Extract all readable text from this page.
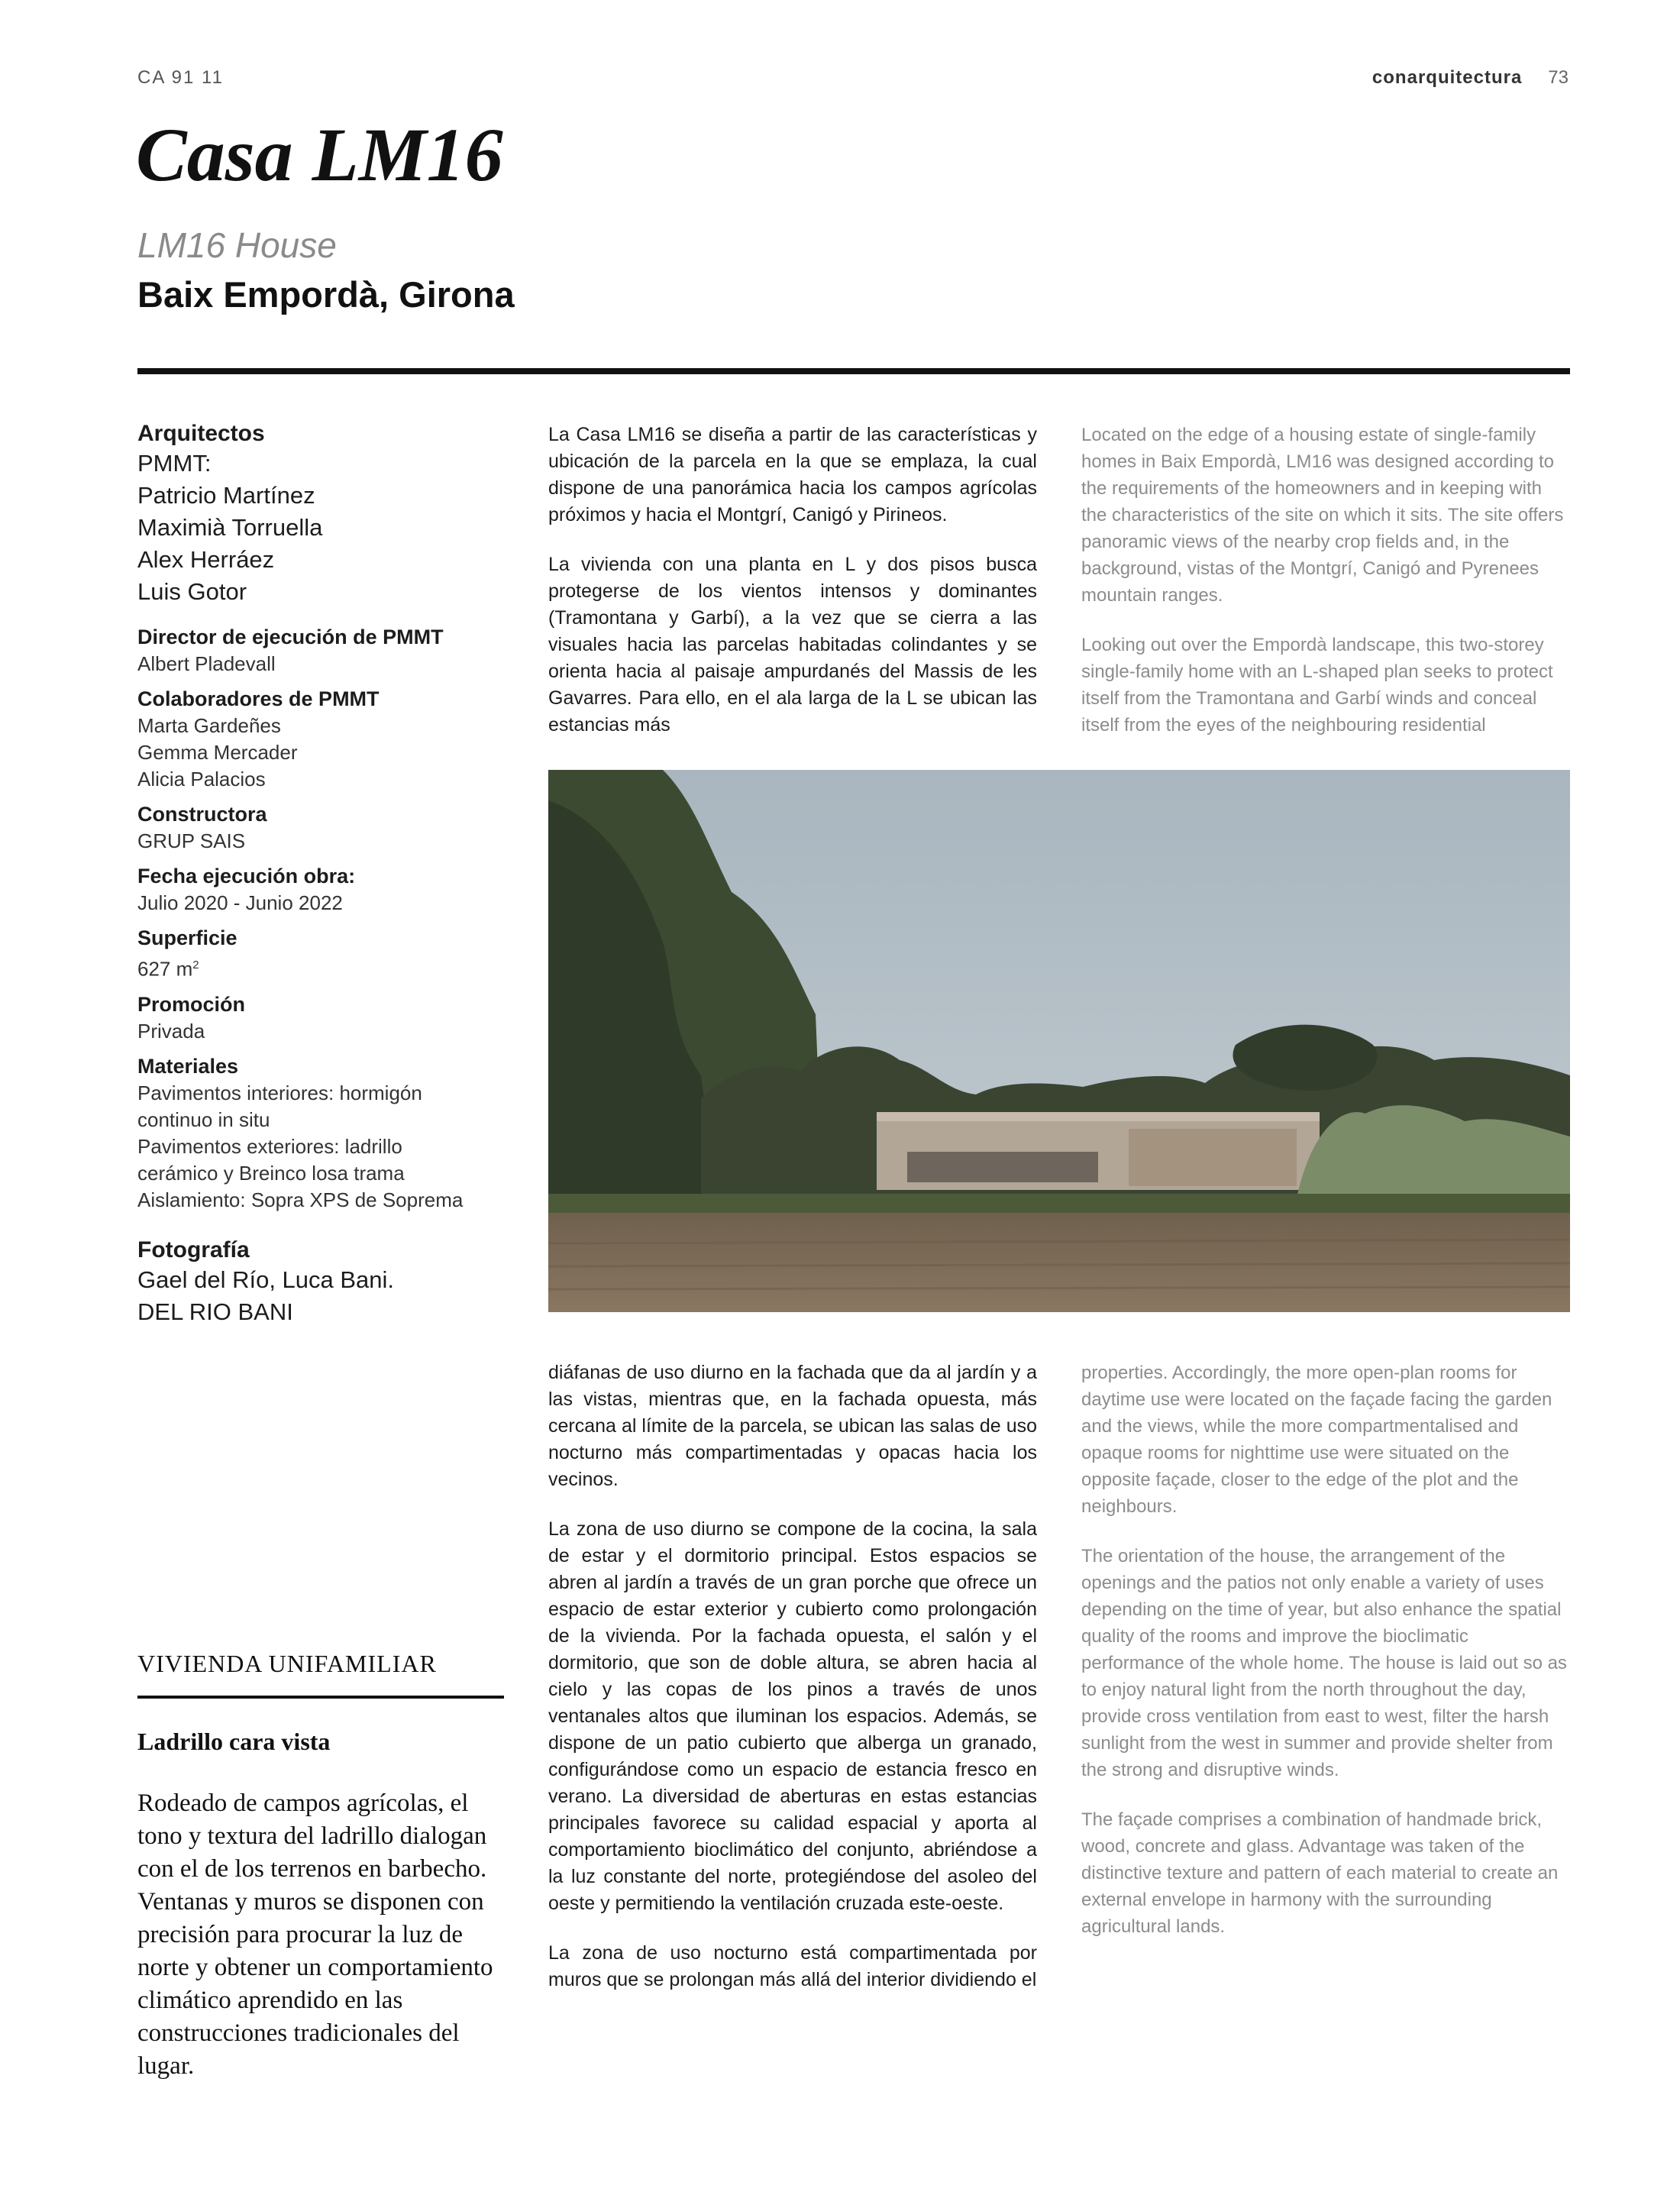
CA 91 11	conarquitectura 73
Casa LM16
LM16 House
Baix Empordà, Girona
Arquitectos
PMMT:
Patricio Martínez
Maximià Torruella
Alex Herráez
Luis Gotor
Director de ejecución de PMMT
Albert Pladevall
Colaboradores de PMMT
Marta Gardeñes
Gemma Mercader
Alicia Palacios
Constructora
GRUP SAIS
Fecha ejecución obra:
Julio 2020 - Junio 2022
Superficie
627 $m^2$
Promoción
Privada
Materiales
Pavimentos interiores: hormigón
continuo in situ
Pavimentos exteriores: ladrillo
cerámico y Breinco losa trama
Aislamiento: Sopra XPS de Soprema
Fotografía
Gael del Río, Luca Bani.
DEL RIO BANI
VIVIENDA UNIFAMILIAR
Ladrillo cara vista
Rodeado de campos agrícolas, el tono y textura del ladrillo dialogan con el de los terrenos en barbecho. Ventanas y muros se disponen con precisión para procurar la luz de norte y obtener un comportamiento climático aprendido en las construcciones tradicionales del lugar.

La Casa LM16 se diseña a partir de las características y ubicación de la parcela en la que se emplaza, la cual dispone de una panorámica hacia los campos agrícolas próximos y hacia el Montgrí, Canigó y Pirineos.

La vivienda con una planta en L y dos pisos busca protegerse de los vientos intensos y dominantes (Tramontana y Garbí), a la vez que se cierra a las visuales hacia las parcelas habitadas colindantes y se orienta hacia al paisaje ampurdanés del Massis de les Gavarres. Para ello, en el ala larga de la L se ubican las estancias más

Located on the edge of a housing estate of single-family homes in Baix Empordà, LM16 was designed according to the requirements of the homeowners and in keeping with the characteristics of the site on which it sits. The site offers panoramic views of the nearby crop fields and, in the background, vistas of the Montgrí, Canigó and Pyrenees mountain ranges.

Looking out over the Empordà landscape, this two-storey single-family home with an L-shaped plan seeks to protect itself from the Tramontana and Garbí winds and conceal itself from the eyes of the neighbouring residential

diáfanas de uso diurno en la fachada que da al jardín y a las vistas, mientras que, en la fachada opuesta, más cercana al límite de la parcela, se ubican las salas de uso nocturno más compartimentadas y opacas hacia los vecinos.

La zona de uso diurno se compone de la cocina, la sala de estar y el dormitorio principal. Estos espacios se abren al jardín a través de un gran porche que ofrece un espacio de estar exterior y cubierto como prolongación de la vivienda. Por la fachada opuesta, el salón y el dormitorio, que son de doble altura, se abren hacia al cielo y las copas de los pinos a través de unos ventanales altos que iluminan los espacios. Además, se dispone de un patio cubierto que alberga un granado, configurándose como un espacio de estancia fresco en verano. La diversidad de aberturas en estas estancias principales favorece su calidad espacial y aporta al comportamiento bioclimático del conjunto, abriéndose a la luz constante del norte, protegiéndose del asoleo del oeste y permitiendo la ventilación cruzada este-oeste.

La zona de uso nocturno está compartimentada por muros que se prolongan más allá del interior dividiendo el

properties. Accordingly, the more open-plan rooms for daytime use were located on the façade facing the garden and the views, while the more compartmentalised and opaque rooms for nighttime use were situated on the opposite façade, closer to the edge of the plot and the neighbours.

The orientation of the house, the arrangement of the openings and the patios not only enable a variety of uses depending on the time of year, but also enhance the spatial quality of the rooms and improve the bioclimatic performance of the whole home. The house is laid out so as to enjoy natural light from the north throughout the day, provide cross ventilation from east to west, filter the harsh sunlight from the west in summer and provide shelter from the strong and disruptive winds.

The façade comprises a combination of handmade brick, wood, concrete and glass. Advantage was taken of the distinctive texture and pattern of each material to create an external envelope in harmony with the surrounding agricultural lands.
